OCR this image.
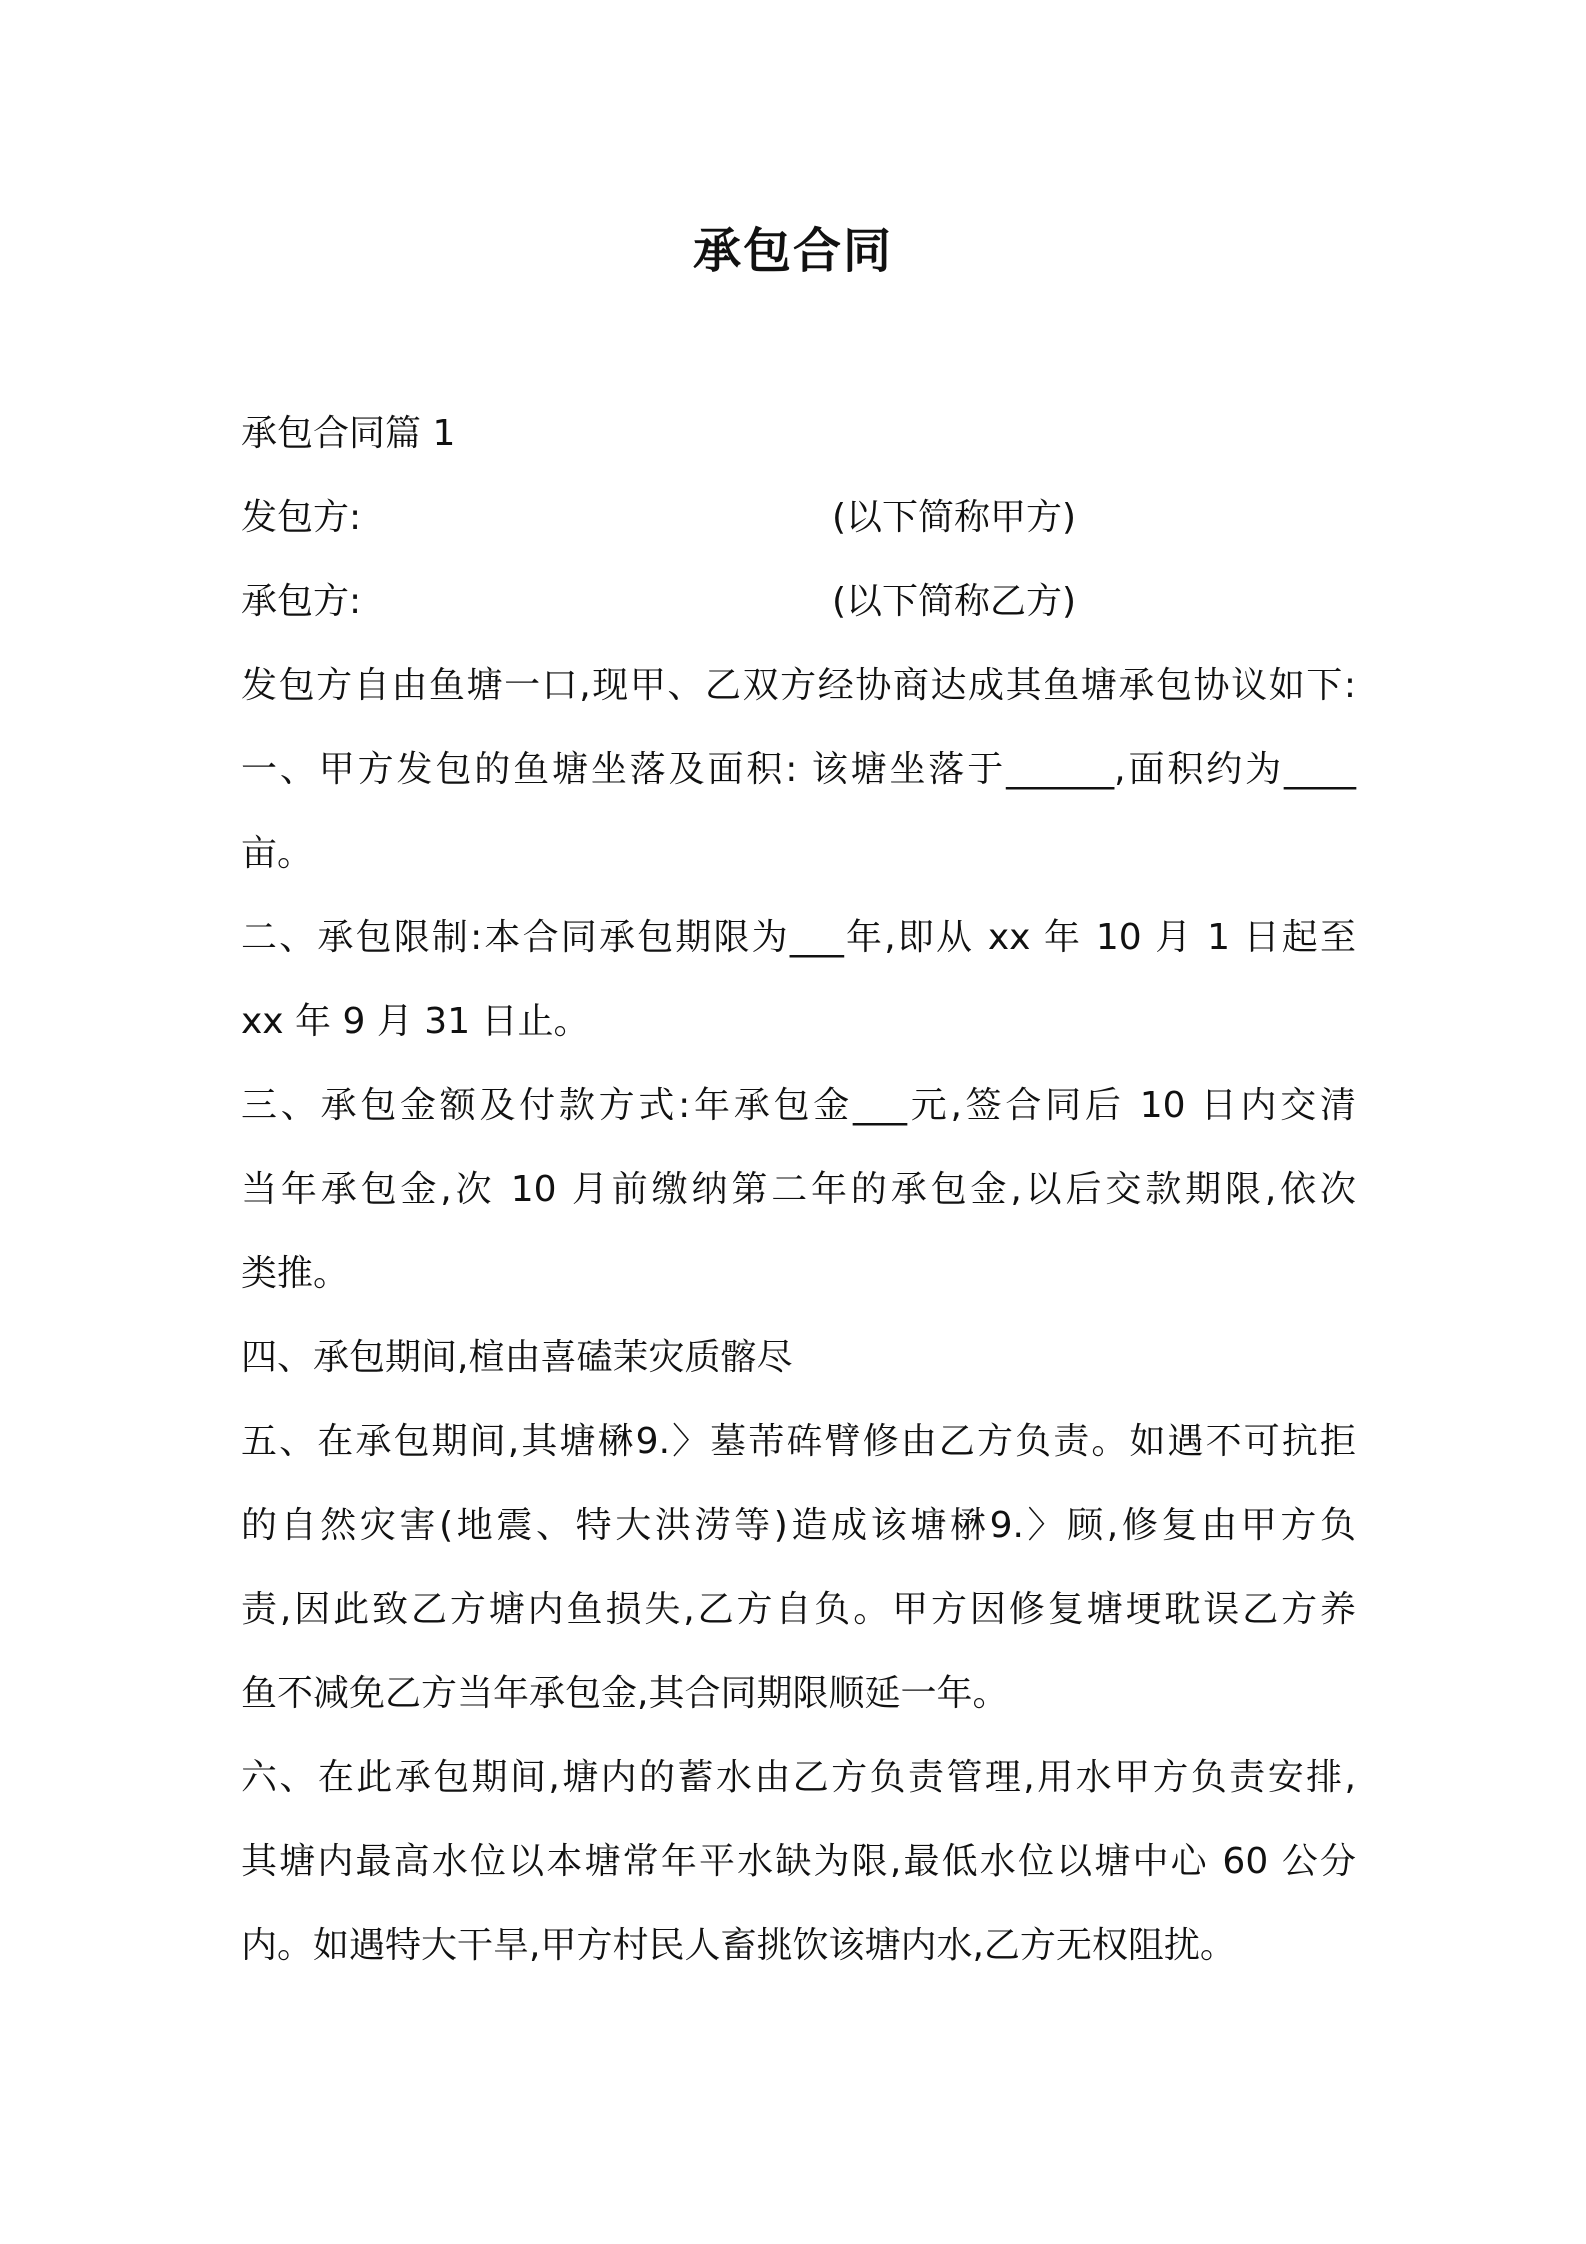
承包合同
承包合同篇 1
发包方:	(以下简称甲方)
承包方:	(以下简称乙方)
发包方自由鱼塘一口,现甲、乙双方经协商达成其鱼塘承包协议如下:
一、甲方发包的鱼塘坐落及面积: 该塘坐落于______,面积约为____
亩。
二、承包限制:本合同承包期限为___年,即从 xx 年 10 月 1 日起至
xx 年 9 月 31 日止。
三、承包金额及付款方式:年承包金___元,签合同后 10 日内交清
当年承包金,次 10 月前缴纳第二年的承包金,以后交款期限,依次
类推。
四、承包期间,楦由喜磕茉灾质髂尽
五、在承包期间,其塘楙9.〉墓芾砗臂修由乙方负责。如遇不可抗拒
的自然灾害(地震、特大洪涝等)造成该塘楙9.〉顾,修复由甲方负
责,因此致乙方塘内鱼损失,乙方自负。甲方因修复塘埂耽误乙方养
鱼不减免乙方当年承包金,其合同期限顺延一年。
六、在此承包期间,塘内的蓄水由乙方负责管理,用水甲方负责安排,
其塘内最高水位以本塘常年平水缺为限,最低水位以塘中心 60 公分
内。如遇特大干旱,甲方村民人畜挑饮该塘内水,乙方无权阻扰。
